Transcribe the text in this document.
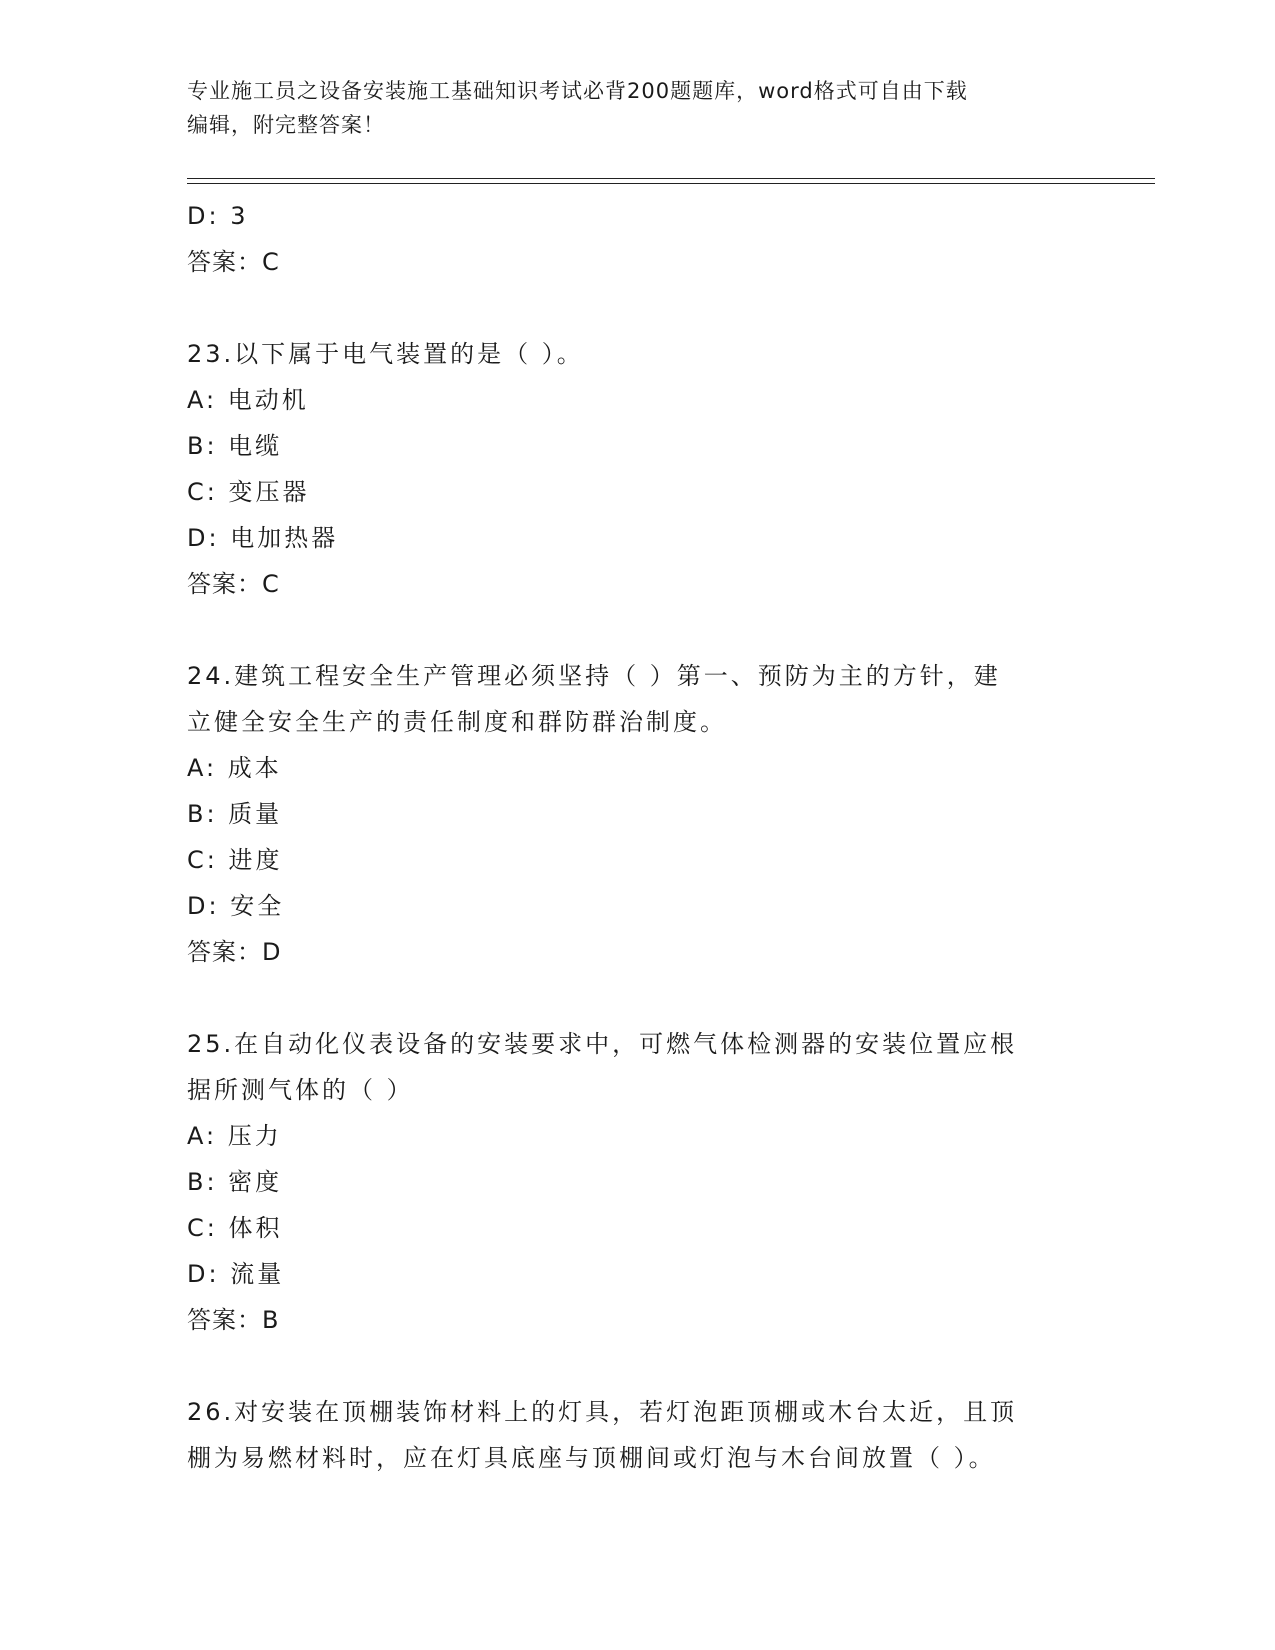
专业施工员之设备安装施工基础知识考试必背200题题库，word格式可自由下载
编辑，附完整答案！
D: 3
答案：C
23.以下属于电气装置的是（ ）。
A: 电动机
B: 电缆
C: 变压器
D: 电加热器
答案：C
24.建筑工程安全生产管理必须坚持（ ）第一、预防为主的方针，建
立健全安全生产的责任制度和群防群治制度。
A: 成本
B: 质量
C: 进度
D: 安全
答案：D
25.在自动化仪表设备的安装要求中，可燃气体检测器的安装位置应根
据所测气体的（ ）
A: 压力
B: 密度
C: 体积
D: 流量
答案：B
26.对安装在顶棚装饰材料上的灯具，若灯泡距顶棚或木台太近，且顶
棚为易燃材料时，应在灯具底座与顶棚间或灯泡与木台间放置（ ）。
